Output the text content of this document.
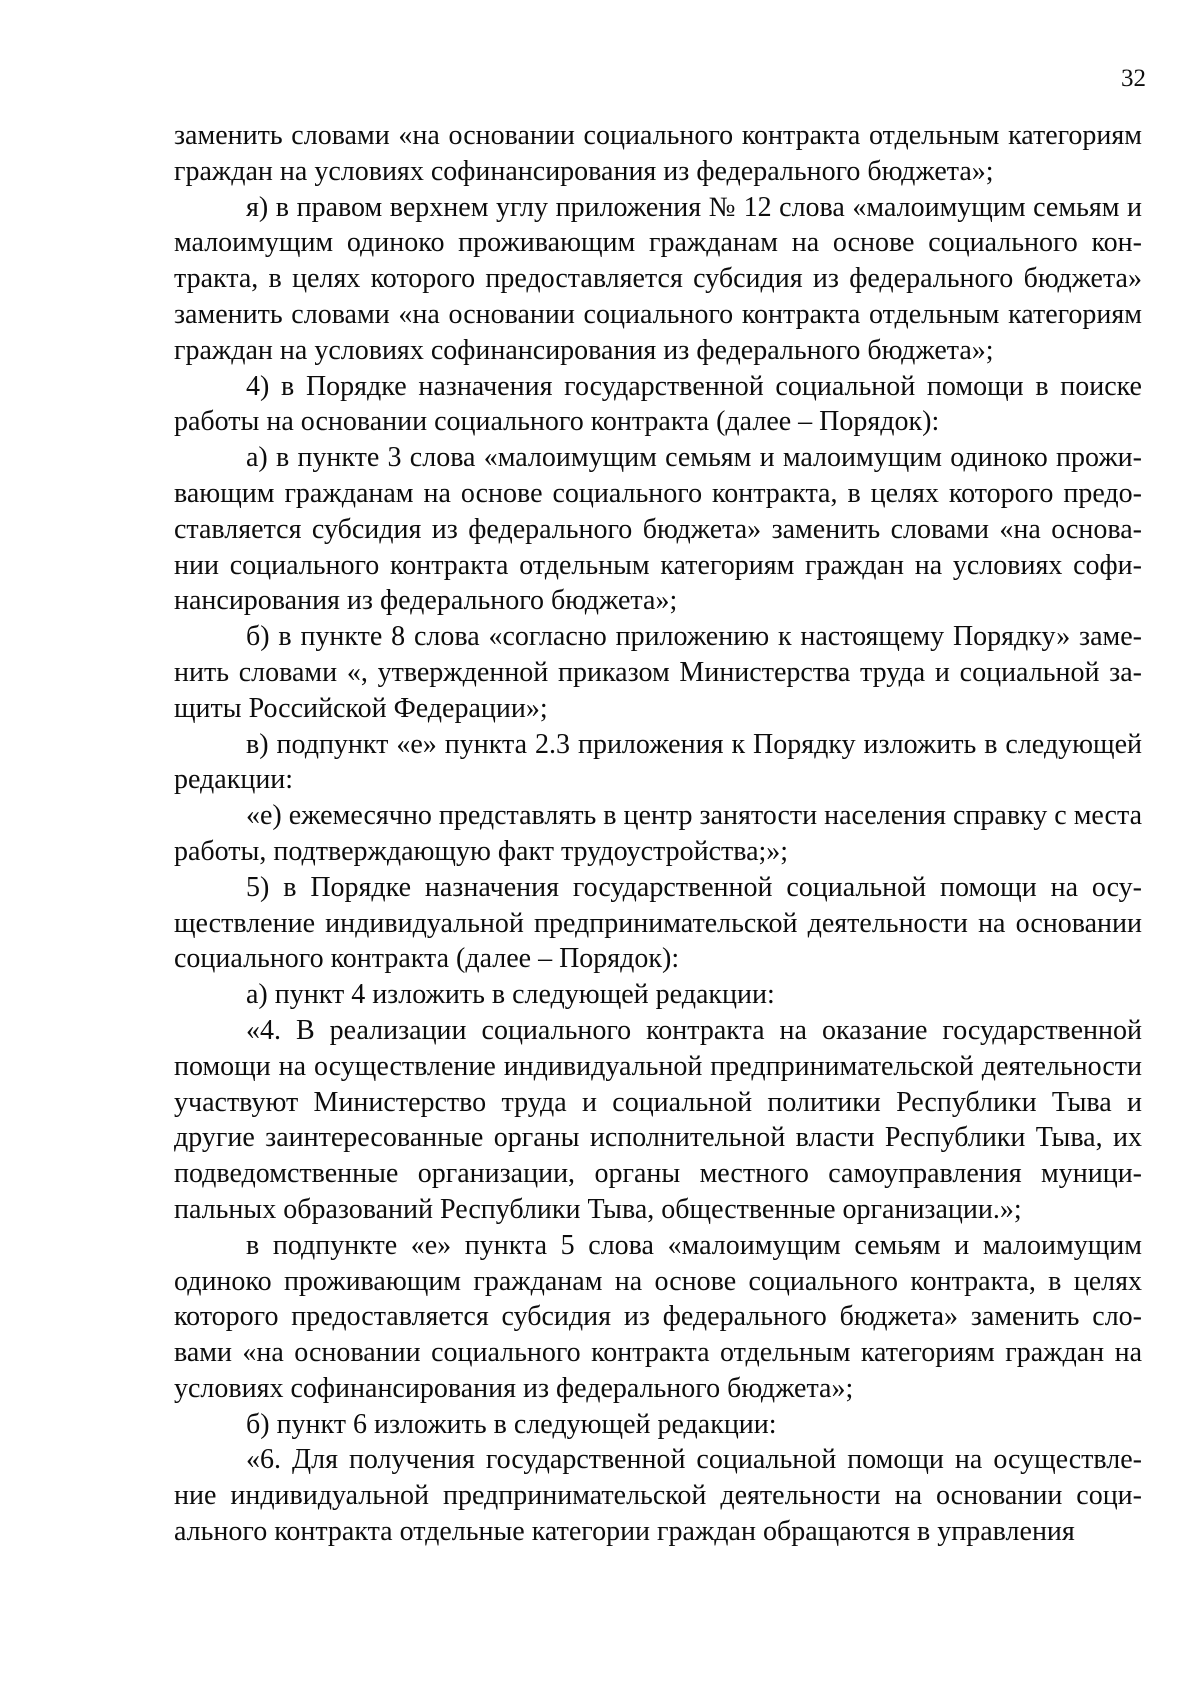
32

заменить словами «на основании социального контракта отдельным категориям граждан на условиях софинансирования из федерального бюджета»;

я) в правом верхнем углу приложения № 12 слова «малоимущим семьям и малоимущим одиноко проживающим гражданам на основе социального контракта, в целях которого предоставляется субсидия из федерального бюджета» заменить словами «на основании социального контракта отдельным категориям граждан на условиях софинансирования из федерального бюджета»;

4) в Порядке назначения государственной социальной помощи в поиске работы на основании социального контракта (далее – Порядок):

а) в пункте 3 слова «малоимущим семьям и малоимущим одиноко проживающим гражданам на основе социального контракта, в целях которого предоставляется субсидия из федерального бюджета» заменить словами «на основании социального контракта отдельным категориям граждан на условиях софинансирования из федерального бюджета»;

б) в пункте 8 слова «согласно приложению к настоящему Порядку» заменить словами «, утвержденной приказом Министерства труда и социальной защиты Российской Федерации»;

в) подпункт «е» пункта 2.3 приложения к Порядку изложить в следующей редакции:

«е) ежемесячно представлять в центр занятости населения справку с места работы, подтверждающую факт трудоустройства;»;

5) в Порядке назначения государственной социальной помощи на осуществление индивидуальной предпринимательской деятельности на основании социального контракта (далее – Порядок):

а) пункт 4 изложить в следующей редакции:

«4. В реализации социального контракта на оказание государственной помощи на осуществление индивидуальной предпринимательской деятельности участвуют Министерство труда и социальной политики Республики Тыва и другие заинтересованные органы исполнительной власти Республики Тыва, их подведомственные организации, органы местного самоуправления муниципальных образований Республики Тыва, общественные организации.»;

в подпункте «е» пункта 5 слова «малоимущим семьям и малоимущим одиноко проживающим гражданам на основе социального контракта, в целях которого предоставляется субсидия из федерального бюджета» заменить словами «на основании социального контракта отдельным категориям граждан на условиях софинансирования из федерального бюджета»;

б) пункт 6 изложить в следующей редакции:

«6. Для получения государственной социальной помощи на осуществление индивидуальной предпринимательской деятельности на основании социального контракта отдельные категории граждан обращаются в управления
